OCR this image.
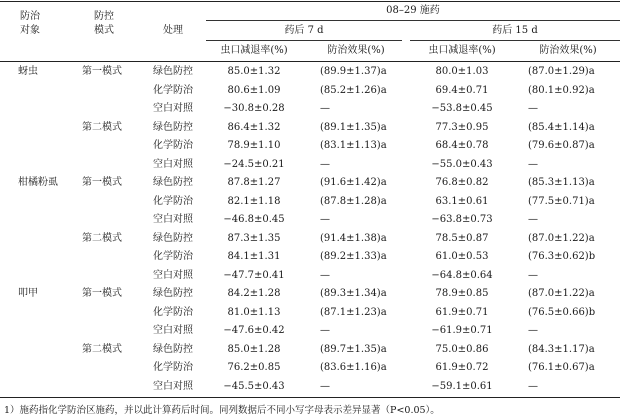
防治
对象
防控
模式	处理
08–29 施药
药后 7 d	药后 15 d
虫口减退率(%)	防治效果(%)	虫口减退率(%)	防治效果(%)
蚜虫	第一模式	绿色防控	85.0±1.32	(89.9±1.37)a	80.0±1.03	(87.0±1.29)a
化学防治	80.6±1.09	(85.2±1.26)a	69.4±0.71	(80.1±0.92)a
空白对照	−30.8±0.28	—	−53.8±0.45	—
第二模式	绿色防控	86.4±1.32	(89.1±1.35)a	77.3±0.95	(85.4±1.14)a
化学防治	78.9±1.10	(83.1±1.13)a	68.4±0.78	(79.6±0.87)a
空白对照	−24.5±0.21	—	−55.0±0.43	—
柑橘粉虱	第一模式	绿色防控	87.8±1.27	(91.6±1.42)a	76.8±0.82	(85.3±1.13)a
化学防治	82.1±1.18	(87.8±1.28)a	63.1±0.61	(77.5±0.71)a
空白对照	−46.8±0.45	—	−63.8±0.73	—
第二模式	绿色防控	87.3±1.35	(91.4±1.38)a	78.5±0.87	(87.0±1.22)a
化学防治	84.1±1.31	(89.2±1.33)a	61.0±0.53	(76.3±0.62)b
空白对照	−47.7±0.41	—	−64.8±0.64	—
叩甲	第一模式	绿色防控	84.2±1.28	(89.3±1.34)a	78.9±0.85	(87.0±1.22)a
化学防治	81.0±1.13	(87.1±1.23)a	61.9±0.71	(76.5±0.66)b
空白对照	−47.6±0.42	—	−61.9±0.71	—
第二模式	绿色防控	85.0±1.28	(89.7±1.35)a	75.0±0.86	(84.3±1.17)a
化学防治	76.2±0.85	(83.6±1.16)a	61.9±0.72	(76.1±0.67)a
空白对照	−45.5±0.43	—	−59.1±0.61	—
1）施药指化学防治区施药，并以此计算药后时间。同列数据后不同小写字母表示差异显著（P<0.05）。
